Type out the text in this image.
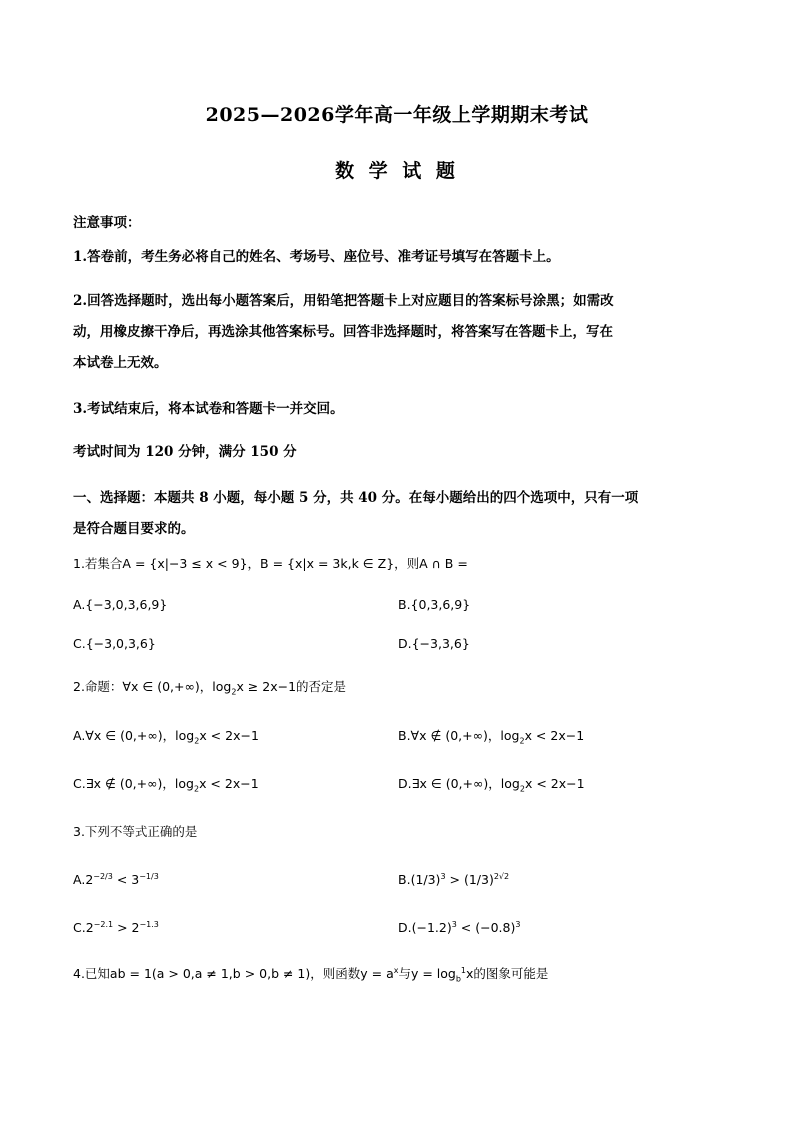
2025—2026学年高一年级上学期期末考试
数 学 试 题
注意事项：
1.答卷前，考生务必将自己的姓名、考场号、座位号、准考证号填写在答题卡上。
2.回答选择题时，选出每小题答案后，用铅笔把答题卡上对应题目的答案标号涂黑；如需改
动，用橡皮擦干净后，再选涂其他答案标号。回答非选择题时，将答案写在答题卡上，写在
本试卷上无效。
3.考试结束后，将本试卷和答题卡一并交回。
考试时间为 120 分钟，满分 150 分
一、选择题：本题共 8 小题，每小题 5 分，共 40 分。在每小题给出的四个选项中，只有一项
是符合题目要求的。
1.若集合A = {x|−3 ≤ x < 9}，B = {x|x = 3k,k ∈ Z}，则A ∩ B =
A.{−3,0,3,6,9}	B.{0,3,6,9}
C.{−3,0,3,6}	D.{−3,3,6}
2.命题：∀x ∈ (0,+∞)，$\log_2x \ge 2x-1$的否定是
A.∀x ∈ (0,+∞)，$\log_2x < 2x-1$	B.∀x ∉ (0,+∞)，$\log_2x < 2x-1$
C.∃x ∉ (0,+∞)，$\log_2x < 2x-1$	D.∃x ∈ (0,+∞)，$\log_2x < 2x-1$
3.下列不等式正确的是
$A.2^{-2/3} < 3^{-1/3}$	$B.(1/3)^3 > (1/3)^{2√2}$
$C.2^{-2.1} > 2^{-1.3}$	$D.(-1.2)^3 < (-0.8)^3$
4.已知ab = 1(a > 0,a ≠ 1,b > 0,b ≠ 1)，则函数$y = a^x$与$y = \log_b^1x$的图象可能是
